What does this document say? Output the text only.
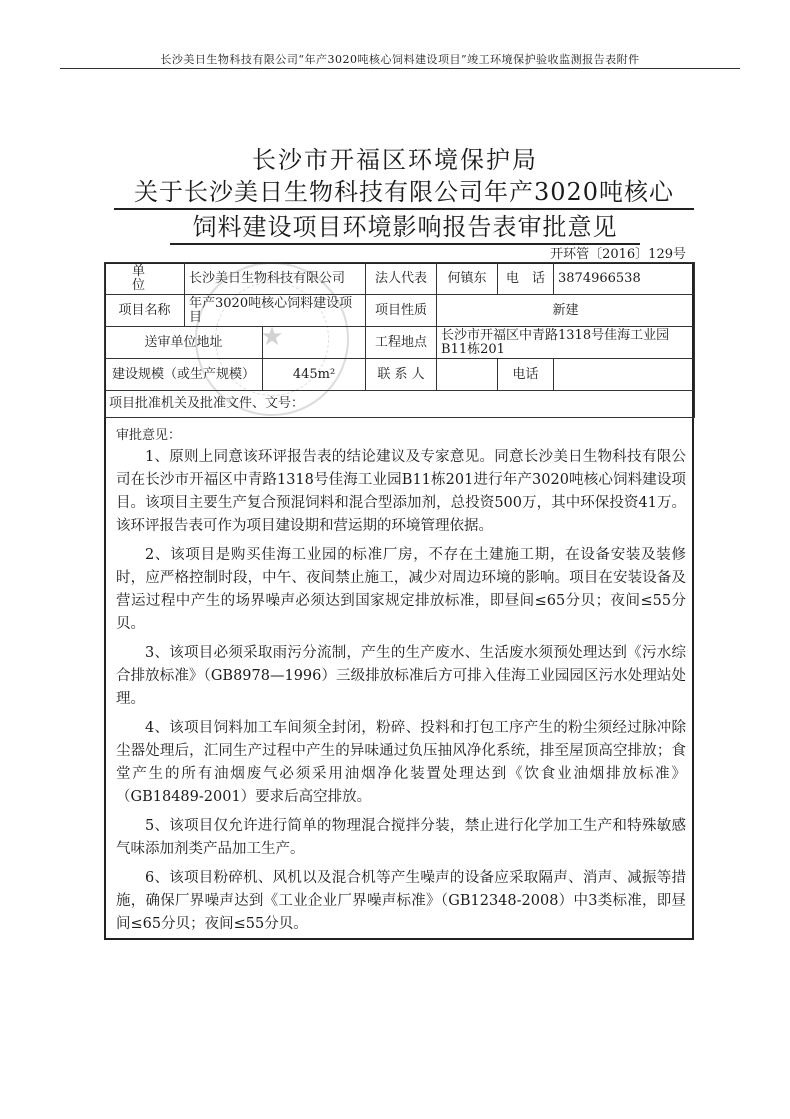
长沙美日生物科技有限公司“年产3020吨核心饲料建设项目”竣工环境保护验收监测报告表附件
长沙市开福区环境保护局
关于长沙美日生物科技有限公司年产3020吨核心
饲料建设项目环境影响报告表审批意见
开环管〔2016〕129号
单　　位	长沙美日生物科技有限公司		法人代表	何镇东	电　话	3874966538
项目名称	年产3020吨核心饲料建设项目		项目性质	新建		
送审单位地址			工程地点	长沙市开福区中青路1318号佳海工业园B11栋201		
建设规模（或生产规模）		445m²	联 系 人		电话	
项目批准机关及批准文件、文号：						
★
审批意见：

1、原则上同意该环评报告表的结论建议及专家意见。同意长沙美日生物科技有限公司在长沙市开福区中青路1318号佳海工业园B11栋201进行年产3020吨核心饲料建设项目。该项目主要生产复合预混饲料和混合型添加剂，总投资500万，其中环保投资41万。该环评报告表可作为项目建设期和营运期的环境管理依据。

2、该项目是购买佳海工业园的标准厂房，不存在土建施工期，在设备安装及装修时，应严格控制时段，中午、夜间禁止施工，减少对周边环境的影响。项目在安装设备及营运过程中产生的场界噪声必须达到国家规定排放标准，即昼间≤65分贝；夜间≤55分贝。

3、该项目必须采取雨污分流制，产生的生产废水、生活废水须预处理达到《污水综合排放标准》（GB8978—1996）三级排放标准后方可排入佳海工业园园区污水处理站处理。

4、该项目饲料加工车间须全封闭，粉碎、投料和打包工序产生的粉尘须经过脉冲除尘器处理后，汇同生产过程中产生的异味通过负压抽风净化系统，排至屋顶高空排放；食堂产生的所有油烟废气必须采用油烟净化装置处理达到《饮食业油烟排放标准》（GB18489-2001）要求后高空排放。

5、该项目仅允许进行简单的物理混合搅拌分装，禁止进行化学加工生产和特殊敏感气味添加剂类产品加工生产。

6、该项目粉碎机、风机以及混合机等产生噪声的设备应采取隔声、消声、减振等措施，确保厂界噪声达到《工业企业厂界噪声标准》（GB12348-2008）中3类标准，即昼间≤65分贝；夜间≤55分贝。
